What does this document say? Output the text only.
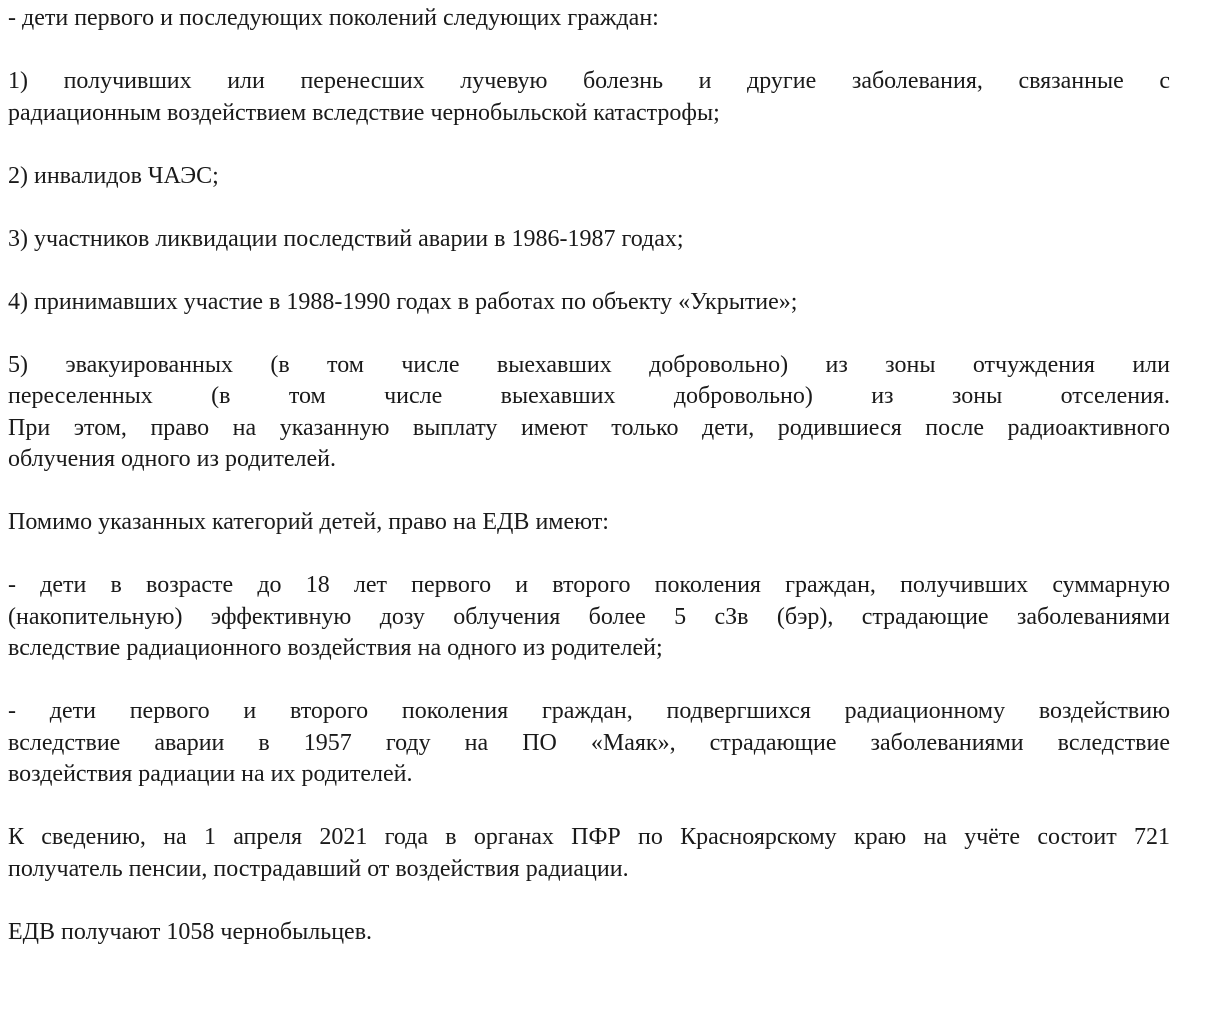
- дети первого и последующих поколений следующих граждан:

1) получивших или перенесших лучевую болезнь и другие заболевания, связанные с
радиационным воздействием вследствие чернобыльской катастрофы;

2) инвалидов ЧАЭС;

3) участников ликвидации последствий аварии в 1986-1987 годах;

4) принимавших участие в 1988-1990 годах в работах по объекту «Укрытие»;

5) эвакуированных (в том числе выехавших добровольно) из зоны отчуждения или
переселенных (в том числе выехавших добровольно) из зоны отселения.
При этом, право на указанную выплату имеют только дети, родившиеся после радиоактивного
облучения одного из родителей.

Помимо указанных категорий детей, право на ЕДВ имеют:

- дети в возрасте до 18 лет первого и второго поколения граждан, получивших суммарную
(накопительную) эффективную дозу облучения более 5 сЗв (бэр), страдающие заболеваниями
вследствие радиационного воздействия на одного из родителей;

- дети первого и второго поколения граждан, подвергшихся радиационному воздействию
вследствие аварии в 1957 году на ПО «Маяк», страдающие заболеваниями вследствие
воздействия радиации на их родителей.

К сведению, на 1 апреля 2021 года в органах ПФР по Красноярскому краю на учёте состоит 721
получатель пенсии, пострадавший от воздействия радиации.

ЕДВ получают 1058 чернобыльцев.
